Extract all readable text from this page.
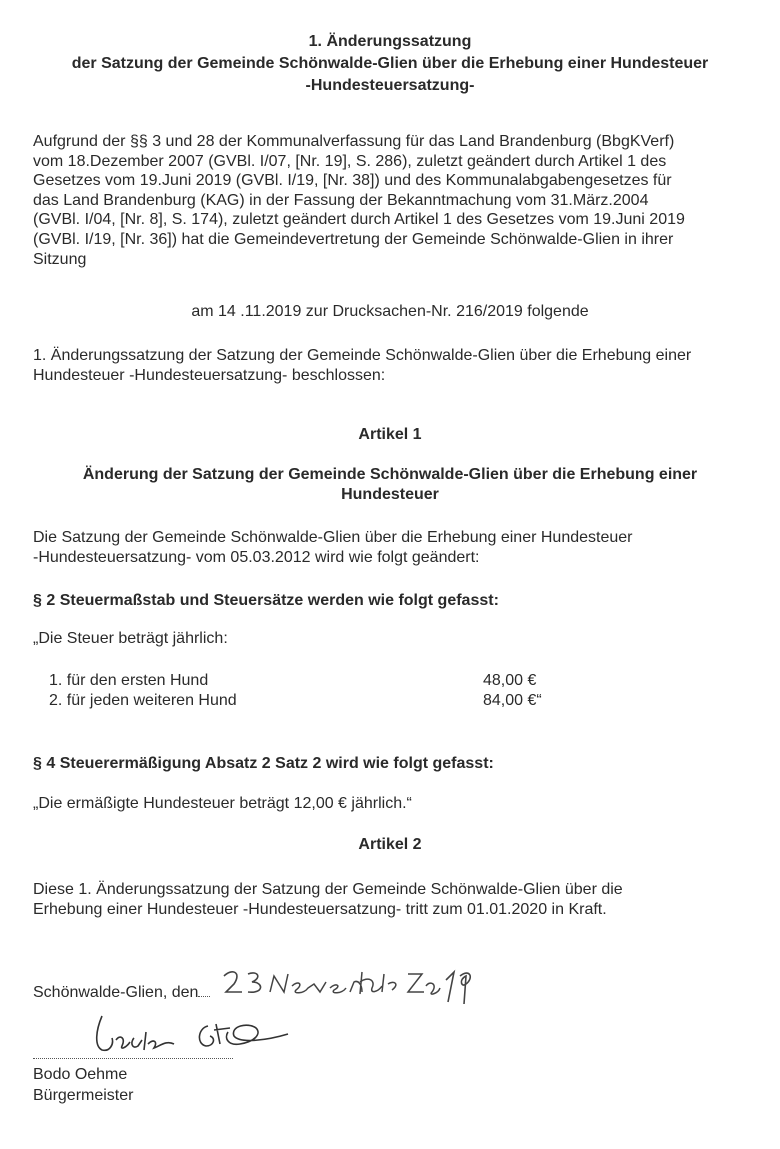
1. Änderungssatzung
der Satzung der Gemeinde Schönwalde-Glien über die Erhebung einer Hundesteuer
-Hundesteuersatzung-
Aufgrund der §§ 3 und 28 der Kommunalverfassung für das Land Brandenburg (BbgKVerf)
vom 18.Dezember 2007 (GVBl. I/07, [Nr. 19], S. 286), zuletzt geändert durch Artikel 1 des
Gesetzes vom 19.Juni 2019 (GVBl. I/19, [Nr. 38]) und des Kommunalabgabengesetzes für
das Land Brandenburg (KAG) in der Fassung der Bekanntmachung vom 31.März.2004
(GVBl. I/04, [Nr. 8], S. 174), zuletzt geändert durch Artikel 1 des Gesetzes vom 19.Juni 2019
(GVBl. I/19, [Nr. 36]) hat die Gemeindevertretung der Gemeinde Schönwalde-Glien in ihrer
Sitzung
am 14 .11.2019 zur Drucksachen-Nr. 216/2019 folgende
1. Änderungssatzung der Satzung der Gemeinde Schönwalde-Glien über die Erhebung einer
Hundesteuer -Hundesteuersatzung- beschlossen:
Artikel 1
Änderung der Satzung der Gemeinde Schönwalde-Glien über die Erhebung einer
Hundesteuer
Die Satzung der Gemeinde Schönwalde-Glien über die Erhebung einer Hundesteuer
-Hundesteuersatzung- vom 05.03.2012 wird wie folgt geändert:
§ 2 Steuermaßstab und Steuersätze werden wie folgt gefasst:
„Die Steuer beträgt jährlich:
1. für den ersten Hund	48,00 €
2. für jeden weiteren Hund	84,00 €“
§ 4 Steuerermäßigung Absatz 2 Satz 2 wird wie folgt gefasst:
„Die ermäßigte Hundesteuer beträgt 12,00 € jährlich.“
Artikel 2
Diese 1. Änderungssatzung der Satzung der Gemeinde Schönwalde-Glien über die
Erhebung einer Hundesteuer -Hundesteuersatzung- tritt zum 01.01.2020 in Kraft.
Schönwalde-Glien, den
Bodo Oehme
Bürgermeister
